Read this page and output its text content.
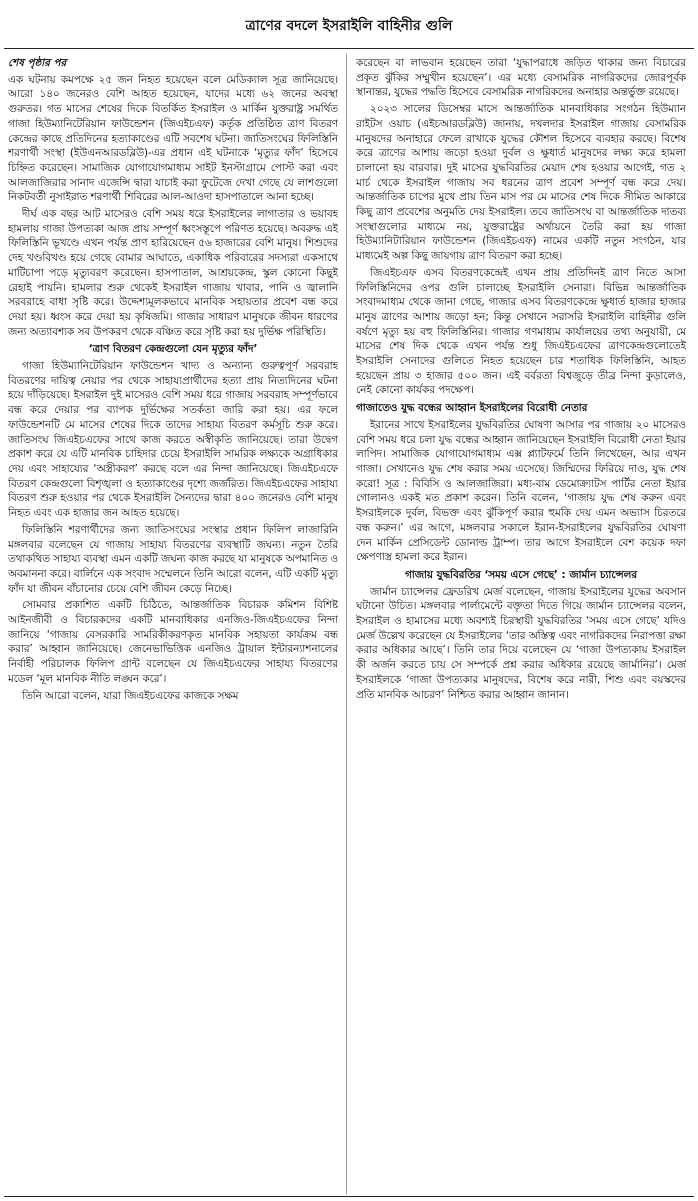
ত্রাণের বদলে ইসরাইলি বাহিনীর গুলি

শেষ পৃষ্ঠার পর

এক ঘটনায় কমপক্ষে ২৫ জন নিহত হয়েছেন বলে মেডিক্যাল সূত্র জানিয়েছে। আরো ১৪০ জনেরও বেশি আহত হয়েছেন, যাদের মধ্যে ৬২ জনের অবস্থা গুরুতর। গত মাসের শেষের দিকে বিতর্কিত ইসরাইল ও মার্কিন যুক্তরাষ্ট্র সমর্থিত গাজা হিউম্যানিটেরিয়ান ফাউন্ডেশন (জিএইচএফ) কর্তৃক প্রতিষ্ঠিত ত্রাণ বিতরণ কেন্দ্রের কাছে প্রতিদিনের হত্যাকাণ্ডের এটি সবশেষ ঘটনা। জাতিসংঘের ফিলিস্তিনি শরণার্থী সংস্থা (ইউএনআরডব্লিউ)-এর প্রধান এই ঘটনাকে ‘মৃত্যুর ফাঁদ’ হিসেবে চিহ্নিত করেছেন। সামাজিক যোগাযোগমাধ্যম সাইট ইনস্টাগ্রামে পোস্ট করা এবং আলজাজিরার সানাদ এজেন্সি দ্বারা যাচাই করা ফুটেজে দেখা গেছে যে লাশগুলো নিকটবর্তী নুসাইরাত শরণার্থী শিবিরের আল-আওদা হাসপাতালে আনা হচ্ছে।

দীর্ঘ এক বছর আট মাসেরও বেশি সময় ধরে ইসরাইলের লাগাতার ও ভয়াবহ হামলায় গাজা উপত্যকা আজ প্রায় সম্পূর্ণ ধ্বংসস্তূপে পরিণত হয়েছে। অবরুদ্ধ এই ফিলিস্তিনি ভূখণ্ডে এখন পর্যন্ত প্রাণ হারিয়েছেন ৫৬ হাজারের বেশি মানুষ। শিশুদের দেহ খণ্ডবিখণ্ড হয়ে গেছে বোমার আঘাতে, একাধিক পরিবারের সদস্যরা একসাথে মাটিচাপা পড়ে মৃত্যুবরণ করেছেন। হাসপাতাল, আশ্রয়কেন্দ্র, স্কুল কোনো কিছুই রেহাই পায়নি। হামলার শুরু থেকেই ইসরাইল গাজায় খাবার, পানি ও জ্বালানি সরবরাহে বাধা সৃষ্টি করে। উদ্দেশ্যমূলকভাবে মানবিক সহায়তার প্রবেশ বন্ধ করে দেয়া হয়। ধ্বংস করে দেয়া হয় কৃষিজমি। গাজার সাধারণ মানুষকে জীবন ধারণের জন্য অত্যাবশ্যক সব উপকরণ থেকে বঞ্চিত করে সৃষ্টি করা হয় দুর্ভিক্ষ পরিস্থিতি।

‘ত্রাণ বিতরণ কেন্দ্রগুলো যেন মৃত্যুর ফাঁদ’

গাজা হিউম্যানিটেরিয়ান ফাউন্ডেশন খাদ্য ও অন্যান্য গুরুত্বপূর্ণ সরবরাহ বিতরণের দায়িত্ব নেয়ার পর থেকে সাহায্যপ্রার্থীদের হত্যা প্রায় নিত্যদিনের ঘটনা হয়ে দাঁড়িয়েছে। ইসরাইল দুই মাসেরও বেশি সময় ধরে গাজায় সরবরাহ সম্পূর্ণভাবে বন্ধ করে দেয়ার পর ব্যাপক দুর্ভিক্ষের সতর্কতা জারি করা হয়। এর ফলে ফাউন্ডেশনটি মে মাসের শেষের দিকে তাদের সাহায্য বিতরণ কর্মসূচি শুরু করে। জাতিসংঘ জিএইচএফের সাথে কাজ করতে অস্বীকৃতি জানিয়েছে। তারা উদ্বেগ প্রকাশ করে যে এটি মানবিক চাহিদার চেয়ে ইসরাইলি সামরিক লক্ষ্যকে অগ্রাধিকার দেয় এবং সাহায্যের ‘অস্ত্রীকরণ’ করছে বলে এর নিন্দা জানিয়েছে। জিএইচএফে বিতরণ কেন্দ্রগুলো বিশৃঙ্খলা ও হত্যাকাণ্ডের দৃশ্যে জর্জরিত। জিএইচএফের সাহায্য বিতরণ শুরু হওয়ার পর থেকে ইসরাইলি সৈন্যদের দ্বারা ৪০০ জনেরও বেশি মানুষ নিহত এবং এক হাজার জন আহত হয়েছে।

ফিলিস্তিনি শরণার্থীদের জন্য জাতিসংঘের সংস্থার প্রধান ফিলিপ লাজারিনি মঙ্গলবার বলেছেন যে গাজায় সাহায্য বিতরণের ব্যবস্থাটি জঘন্য। নতুন তৈরি তথাকথিত সাহায্য ব্যবস্থা এমন একটি জঘন্য কাজ করছে যা মানুষকে অপমানিত ও অবমাননা করে। বার্লিনে এক সংবাদ সম্মেলনে তিনি আরো বলেন, এটি একটি মৃত্যু ফাঁদ যা জীবন বাঁচানোর চেয়ে বেশি জীবন কেড়ে নিচ্ছে।

সোমবার প্রকাশিত একটি চিঠিতে, আন্তর্জাতিক বিচারক কমিশন বিশিষ্ট আইনজীবী ও বিচারকদের একটি মানবাধিকার এনজিও-জিএইচএফের নিন্দা জানিয়ে ‘গাজায় বেসরকারি সামরিকীকরণকৃত মানবিক সহায়তা কার্যক্রম বন্ধ করার’ আহ্বান জানিয়েছে। জেনেভাভিত্তিক এনজিও ট্রায়াল ইন্টারন্যাশনালের নির্বাহী পরিচালক ফিলিপ গ্রান্ট বলেছেন যে জিএইচএফের সাহায্য বিতরণের মডেল ‘মূল মানবিক নীতি লঙ্ঘন করে’।

তিনি আরো বলেন, যারা জিএইচএফের কাজকে সক্ষম

করেছেন বা লাভবান হয়েছেন তারা ‘যুদ্ধাপরাধে জড়িত থাকার জন্য বিচারের প্রকৃত ঝুঁকির সম্মুখীন হয়েছেন’। এর মধ্যে বেসামরিক নাগরিকদের জোরপূর্বক স্থানান্তর, যুদ্ধের পদ্ধতি হিসেবে বেসামরিক নাগরিকদের অনাহার অন্তর্ভুক্ত রয়েছে।

২০২৩ সালের ডিসেম্বর মাসে আন্তর্জাতিক মানবাধিকার সংগঠন হিউম্যান রাইটস ওয়াচ (এইচআরডব্লিউ) জানায়, দখলদার ইসরাইল গাজায় বেসামরিক মানুষদের অনাহারে ফেলে রাখাকে যুদ্ধের কৌশল হিসেবে ব্যবহার করছে। বিশেষ করে ত্রাণের আশায় জড়ো হওয়া দুর্বল ও ক্ষুধার্ত মানুষদের লক্ষ্য করে হামলা চালানো হয় বারবার। দুই মাসের যুদ্ধবিরতির মেয়াদ শেষ হওয়ার আগেই, গত ২ মার্চ থেকে ইসরাইল গাজায় সব ধরনের ত্রাণ প্রবেশ সম্পূর্ণ বন্ধ করে দেয়। আন্তর্জাতিক চাপের মুখে প্রায় তিন মাস পর মে মাসের শেষ দিকে সীমিত আকারে কিছু ত্রাণ প্রবেশের অনুমতি দেয় ইসরাইল। তবে জাতিসংঘ বা আন্তর্জাতিক দাতব্য সংস্থাগুলোর মাধ্যমে নয়, যুক্তরাষ্ট্রের অর্থায়নে তৈরি করা হয় গাজা হিউম্যানিটারিয়ান ফাউন্ডেশন (জিএইচএফ) নামের একটি নতুন সংগঠন, যার মাধ্যমেই অল্প কিছু জায়গায় ত্রাণ বিতরণ করা হচ্ছে।

জিএইচএফ এসব বিতরণকেন্দ্রেই এখন প্রায় প্রতিদিনই ত্রাণ নিতে আসা ফিলিস্তিনিদের ওপর গুলি চালাচ্ছে ইসরাইলি সেনারা। বিভিন্ন আন্তর্জাতিক সংবাদমাধ্যম থেকে জানা গেছে, গাজার এসব বিতরণকেন্দ্রে ক্ষুধার্ত হাজার হাজার মানুষ ত্রাণের আশায় জড়ো হন; কিন্তু সেখানে সরাসরি ইসরাইলি বাহিনীর গুলি বর্ষণে মৃত্যু হয় বহু ফিলিস্তিনির। গাজার গণমাধ্যম কার্যালয়ের তথ্য অনুযায়ী, মে মাসের শেষ দিক থেকে এখন পর্যন্ত শুধু জিএইচএফের ত্রাণকেন্দ্রগুলোতেই ইসরাইলি সেনাদের গুলিতে নিহত হয়েছেন চার শতাধিক ফিলিস্তিনি, আহত হয়েছেন প্রায় ৩ হাজার ৫০০ জন। এই বর্বরতা বিশ্বজুড়ে তীব্র নিন্দা কুড়ালেও, নেই কোনো কার্যকর পদক্ষেপ।

গাজাতেও যুদ্ধ বন্ধের আহ্বান ইসরাইলের বিরোধী নেতার

ইরানের সাথে ইসরাইলের যুদ্ধবিরতির ঘোষণা আসার পর গাজায় ২০ মাসেরও বেশি সময় ধরে চলা যুদ্ধ বন্ধের আহ্বান জানিয়েছেন ইসরাইলি বিরোধী নেতা ইয়ার লাপিদ। সামাজিক যোগাযোগমাধ্যম এক্স প্ল্যাটফর্মে তিনি লিখেছেন, আর এখন গাজা। সেখানেও যুদ্ধ শেষ করার সময় এসেছে। জিম্মিদের ফিরিয়ে দাও, যুদ্ধ শেষ করো! সূত্র : বিবিসি ও আলজাজিরা। মধ্য-বাম ডেমোক্র্যাটস পার্টির নেতা ইয়ার গোলানও একই মত প্রকাশ করেন। তিনি বলেন, ‘গাজায় যুদ্ধ শেষ করুন এবং ইসরাইলকে দুর্বল, বিভক্ত এবং ঝুঁকিপূর্ণ করার হুমকি দেয় এমন অভ্যাস চিরতরে বন্ধ করুন।’ এর আগে, মঙ্গলবার সকালে ইরান-ইসরাইলের যুদ্ধবিরতির ঘোষণা দেন মার্কিন প্রেসিডেন্ট ডোনাল্ড ট্রাম্প। তার আগে ইসরাইলে বেশ কয়েক দফা ক্ষেপণাস্ত্র হামলা করে ইরান।

গাজায় যুদ্ধবিরতির ‘সময় এসে গেছে’ : জার্মান চ্যান্সেলর

জার্মান চ্যান্সেলর ফ্রেডরিখ মের্জ বলেছেন, গাজায় ইসরাইলের যুদ্ধের অবসান ঘটানো উচিত। মঙ্গলবার পার্লামেন্টে বক্তৃতা দিতে গিয়ে জার্মান চ্যান্সেলর বলেন, ইসরাইল ও হামাসের মধ্যে অবশ্যই চিরস্থায়ী যুদ্ধবিরতির ‘সময় এসে গেছে’ যদিও মের্জ উল্লেখ করেছেন যে ইসরাইলের ‘তার অস্তিত্ব এবং নাগরিকদের নিরাপত্তা রক্ষা করার অধিকার আছে’। তিনি তার দিয়ে বলেছেন যে ‘গাজা উপত্যকায় ইসরাইল কী অর্জন করতে চায় সে সম্পর্কে প্রশ্ন করার অধিকার রয়েছে জার্মানির’। মের্জ ইসরাইলকে ‘গাজা উপত্যকার মানুষদের, বিশেষ করে নারী, শিশু এবং বয়স্কদের প্রতি মানবিক আচরণ’ নিশ্চিত করার আহ্বান জানান।
